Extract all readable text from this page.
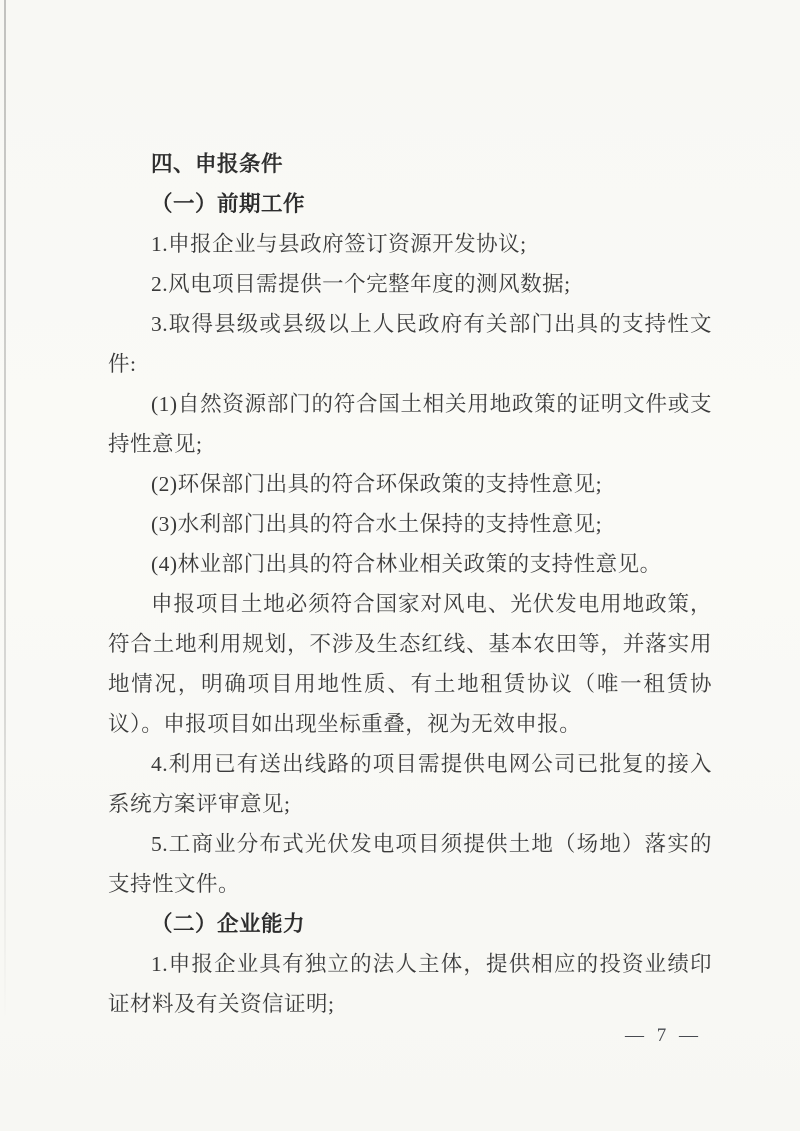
四、申报条件
（一）前期工作

1.申报企业与县政府签订资源开发协议;

2.风电项目需提供一个完整年度的测风数据;

3.取得县级或县级以上人民政府有关部门出具的支持性文件:

(1)自然资源部门的符合国土相关用地政策的证明文件或支持性意见;

(2)环保部门出具的符合环保政策的支持性意见;

(3)水利部门出具的符合水土保持的支持性意见;

(4)林业部门出具的符合林业相关政策的支持性意见。

申报项目土地必须符合国家对风电、光伏发电用地政策，符合土地利用规划，不涉及生态红线、基本农田等，并落实用地情况，明确项目用地性质、有土地租赁协议（唯一租赁协议）。申报项目如出现坐标重叠，视为无效申报。

4.利用已有送出线路的项目需提供电网公司已批复的接入系统方案评审意见;

5.工商业分布式光伏发电项目须提供土地（场地）落实的支持性文件。

（二）企业能力

1.申报企业具有独立的法人主体，提供相应的投资业绩印证材料及有关资信证明;

— 7 —
